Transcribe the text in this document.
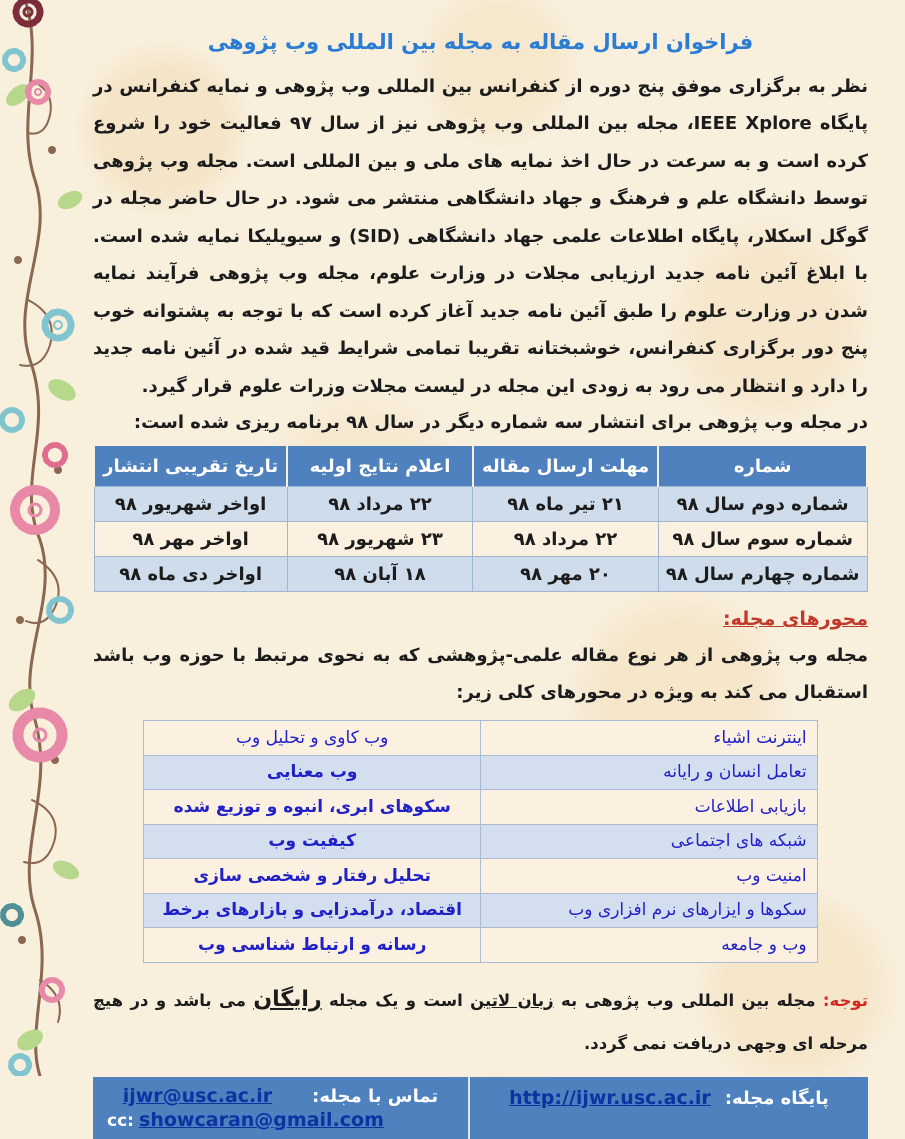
فراخوان ارسال مقاله به مجله بین المللی وب پژوهی

نظر به برگزاری موفق پنج دوره از کنفرانس بین المللی وب پژوهی و نمایه کنفرانس در پایگاه IEEE Xplore، مجله بین المللی وب پژوهی نیز از سال ۹۷ فعالیت خود را شروع کرده است و به سرعت در حال اخذ نمایه های ملی و بین المللی است. مجله وب پژوهی توسط دانشگاه علم و فرهنگ و جهاد دانشگاهی منتشر می شود. در حال حاضر مجله در گوگل اسکلار، پایگاه اطلاعات علمی جهاد دانشگاهی (SID) و سیویلیکا نمایه شده است. با ابلاغ آئین نامه جدید ارزیابی مجلات در وزارت علوم، مجله وب پژوهی فرآیند نمایه شدن در وزارت علوم را طبق آئین نامه جدید آغاز کرده است که با توجه به پشتوانه خوب پنج دور برگزاری کنفرانس، خوشبختانه تقریبا تمامی شرایط قید شده در آئین نامه جدید را دارد و انتظار می رود به زودی این مجله در لیست مجلات وزرات علوم قرار گیرد.

در مجله وب پژوهی برای انتشار سه شماره دیگر در سال ۹۸ برنامه ریزی شده است:

شماره	مهلت ارسال مقاله	اعلام نتایج اولیه	تاریخ تقریبی انتشار
شماره دوم سال ۹۸	۲۱ تیر ماه ۹۸	۲۲ مرداد ۹۸	اواخر شهریور ۹۸
شماره سوم سال ۹۸	۲۲ مرداد ۹۸	۲۳ شهریور ۹۸	اواخر مهر ۹۸
شماره چهارم سال ۹۸	۲۰ مهر ۹۸	۱۸ آبان ۹۸	اواخر دی ماه ۹۸
محورهای مجله:

مجله وب پژوهی از هر نوع مقاله علمی-پژوهشی که به نحوی مرتبط با حوزه وب باشد استقبال می کند به ویژه در محورهای کلی زیر:

اینترنت اشیاء	وب کاوی و تحلیل وب
تعامل انسان و رایانه	وب معنایی
بازیابی اطلاعات	سکوهای ابری، انبوه و توزیع شده
شبکه های اجتماعی	کیفیت وب
امنیت وب	تحلیل رفتار و شخصی سازی
سکوها و ایزارهای نرم افزاری وب	اقتصاد، درآمدزایی و بازارهای برخط
وب و جامعه	رسانه و ارتباط شناسی وب

توجه: مجله بین المللی وب پژوهی به زبان لاتین است و یک مجله رایگان می باشد و در هیچ مرحله ای وجهی دریافت نمی گردد.

پایگاه مجله:
http://ijwr.usc.ac.ir

تماس با مجله:
ijwr@usc.ac.ir
cc: showcaran@gmail.com
